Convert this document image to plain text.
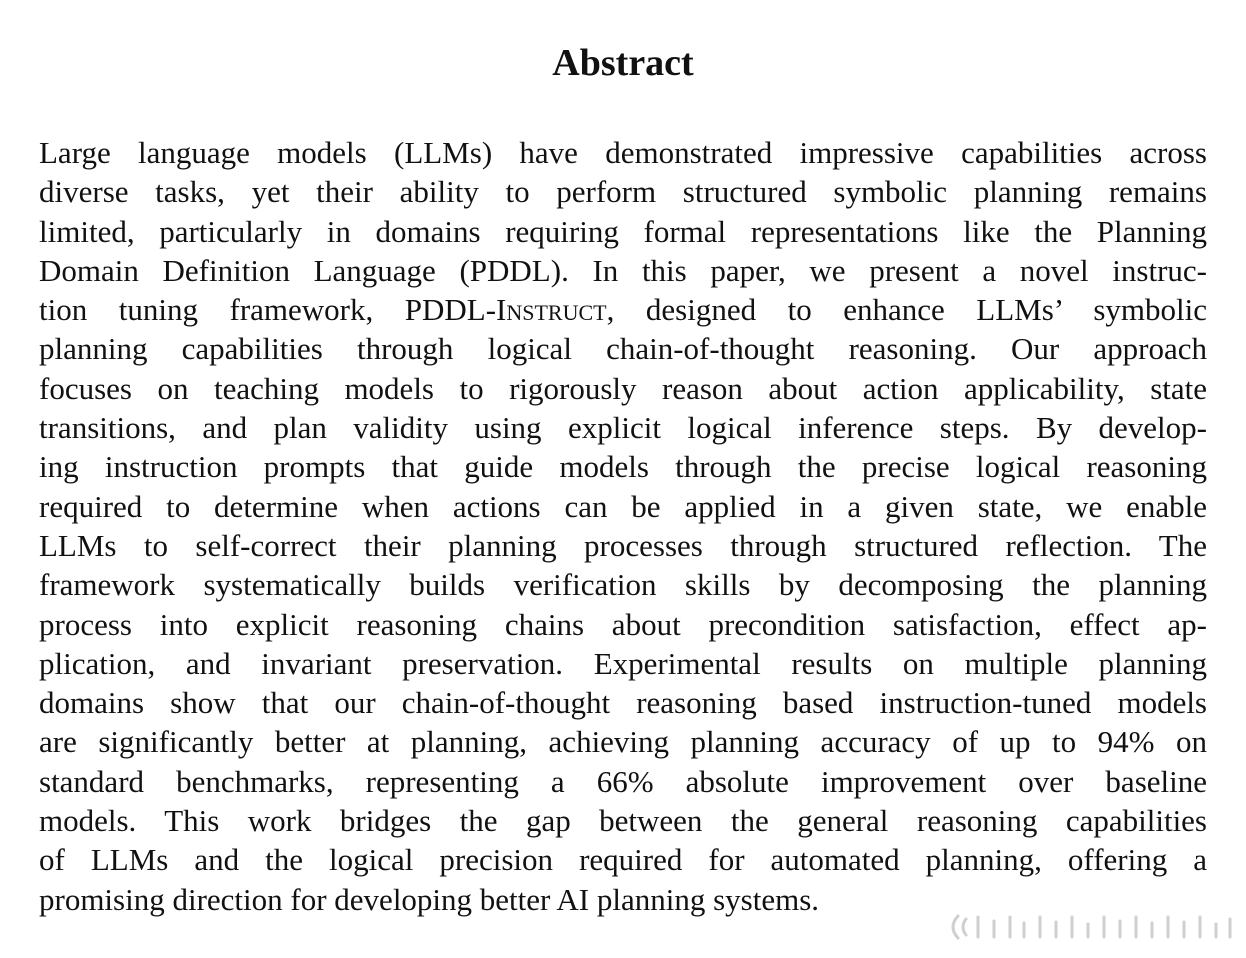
Abstract
Large language models (LLMs) have demonstrated impressive capabilities across
diverse tasks, yet their ability to perform structured symbolic planning remains
limited, particularly in domains requiring formal representations like the Planning
Domain Definition Language (PDDL). In this paper, we present a novel instruc-
tion tuning framework, PDDL-Instruct, designed to enhance LLMs’ symbolic
planning capabilities through logical chain-of-thought reasoning. Our approach
focuses on teaching models to rigorously reason about action applicability, state
transitions, and plan validity using explicit logical inference steps. By develop-
ing instruction prompts that guide models through the precise logical reasoning
required to determine when actions can be applied in a given state, we enable
LLMs to self-correct their planning processes through structured reflection. The
framework systematically builds verification skills by decomposing the planning
process into explicit reasoning chains about precondition satisfaction, effect ap-
plication, and invariant preservation. Experimental results on multiple planning
domains show that our chain-of-thought reasoning based instruction-tuned models
are significantly better at planning, achieving planning accuracy of up to 94% on
standard benchmarks, representing a 66% absolute improvement over baseline
models. This work bridges the gap between the general reasoning capabilities
of LLMs and the logical precision required for automated planning, offering a
promising direction for developing better AI planning systems.
